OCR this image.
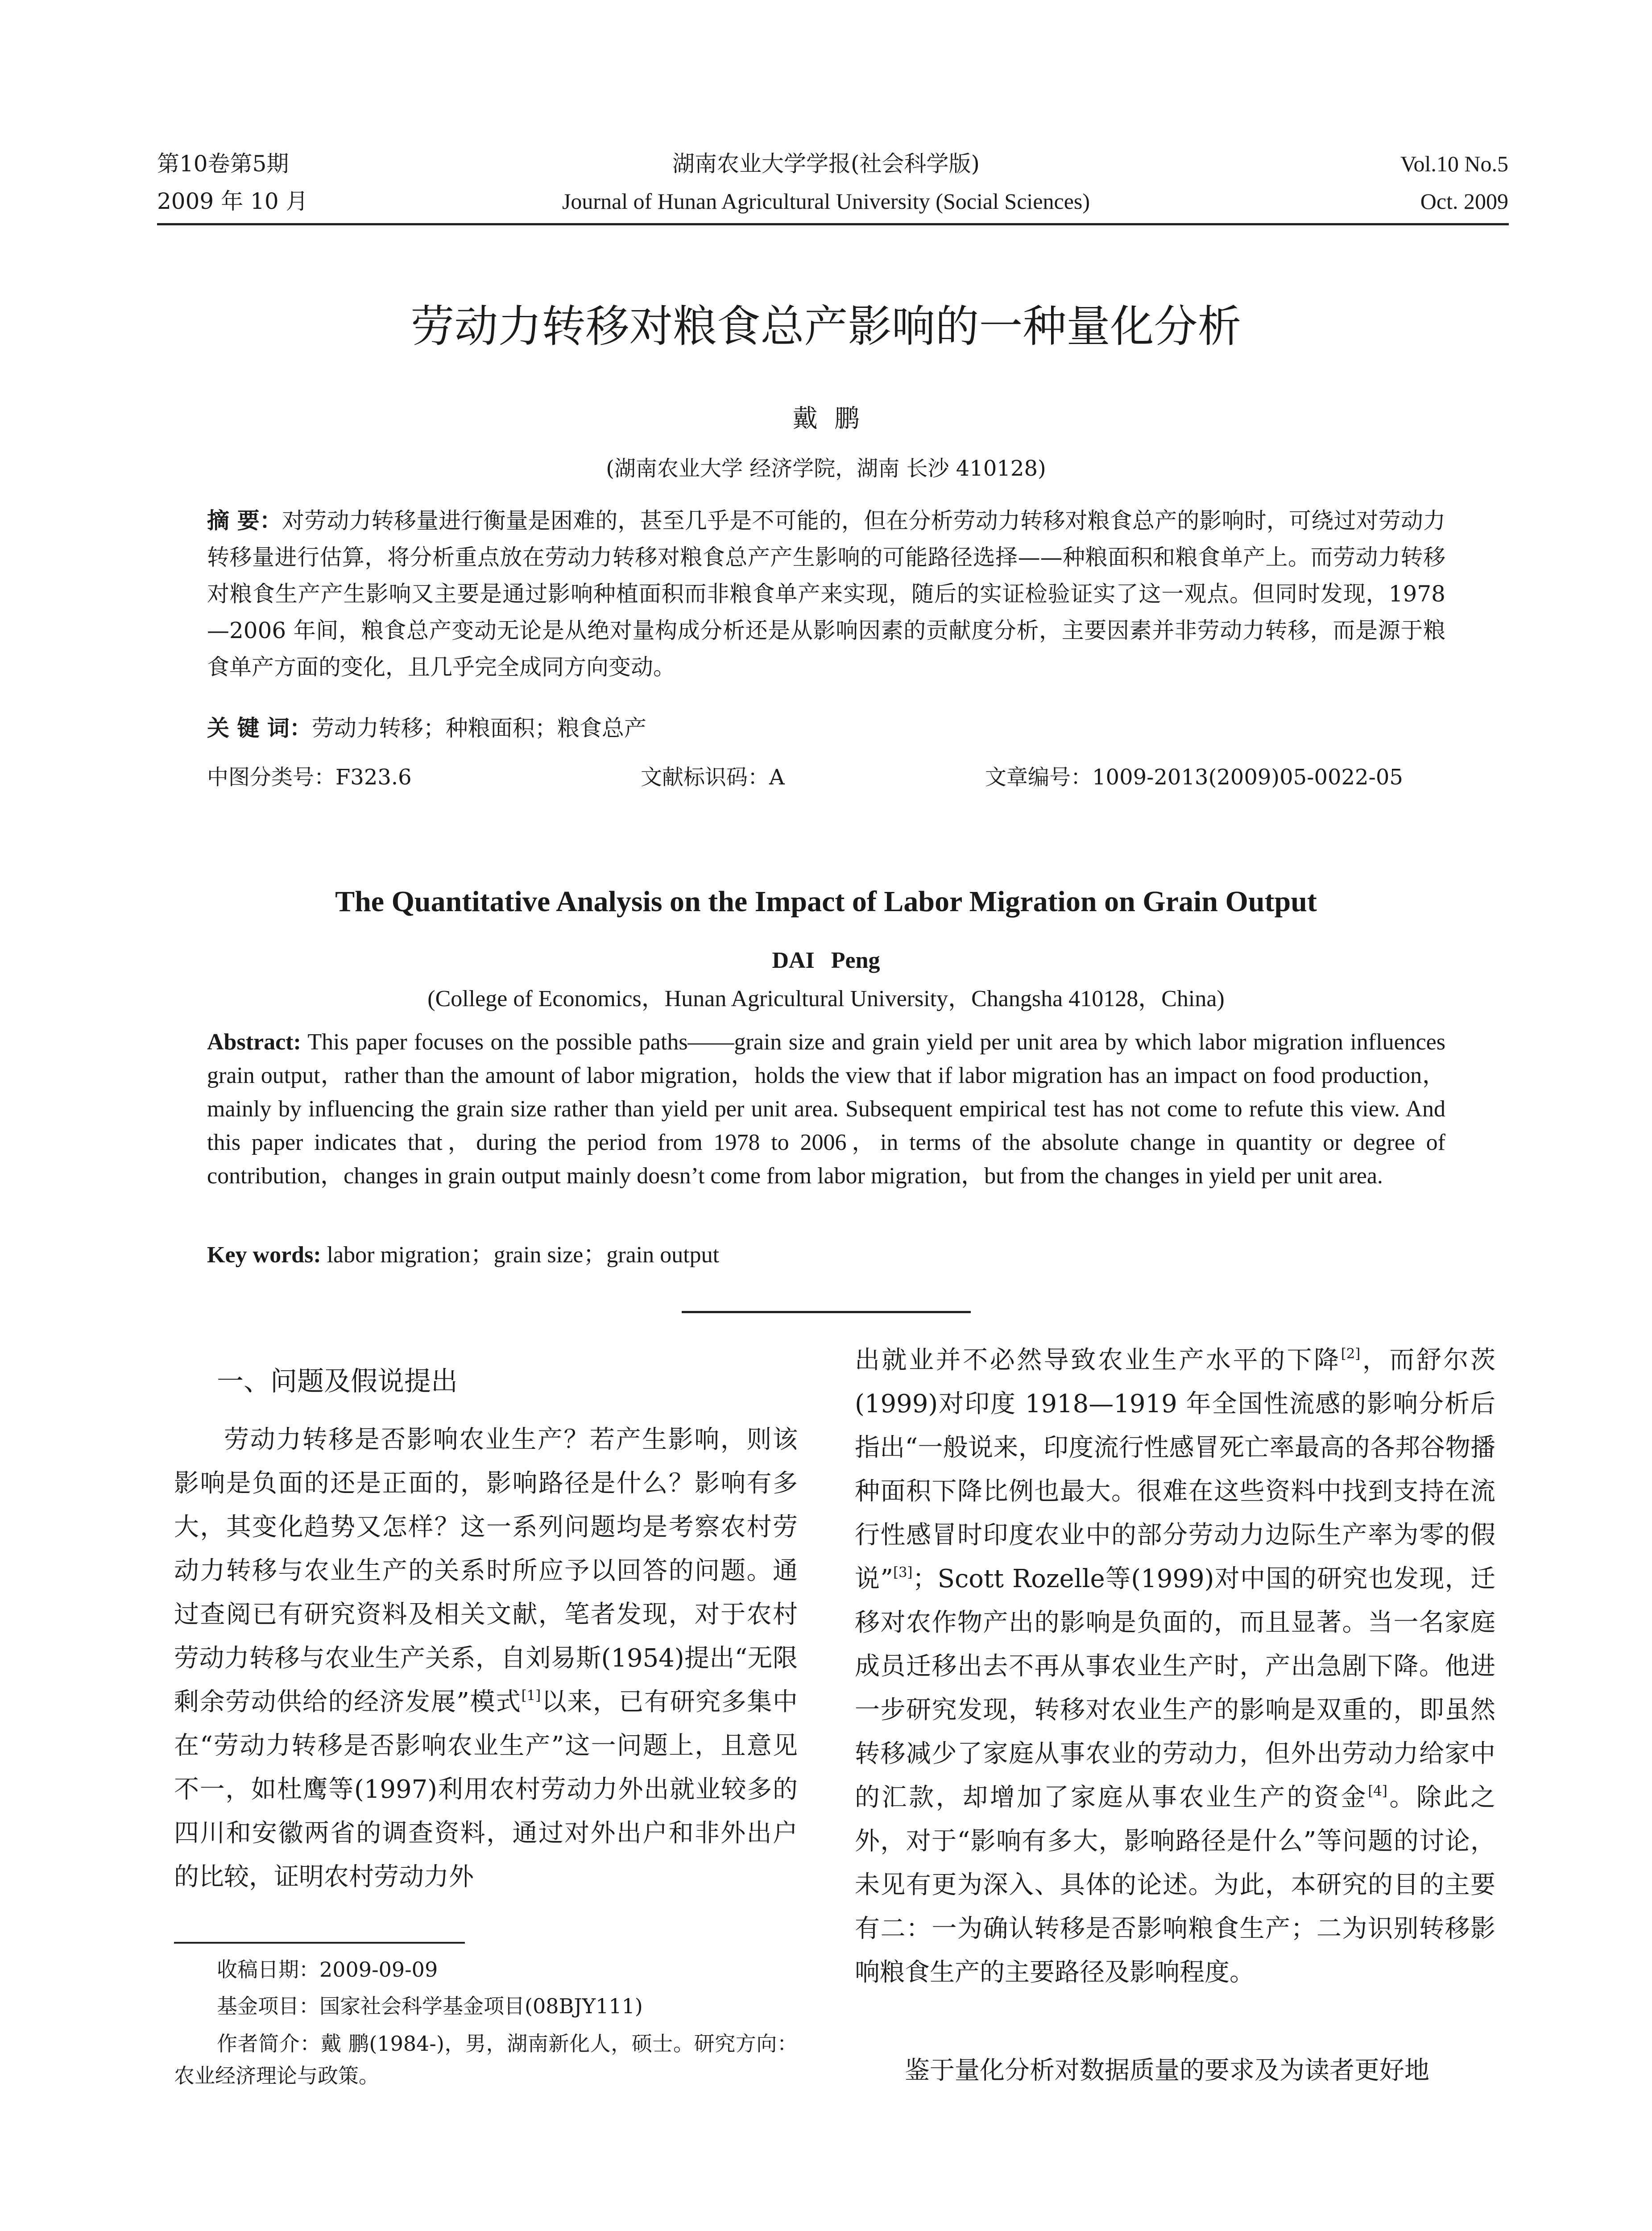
第10卷第5期
2009 年 10 月
湖南农业大学学报(社会科学版)
Journal of Hunan Agricultural University (Social Sciences)
Vol.10 No.5
Oct. 2009
劳动力转移对粮食总产影响的一种量化分析
戴 鹏
(湖南农业大学 经济学院，湖南 长沙 410128)
摘 要：对劳动力转移量进行衡量是困难的，甚至几乎是不可能的，但在分析劳动力转移对粮食总产的影响时，可绕过对劳动力转移量进行估算，将分析重点放在劳动力转移对粮食总产产生影响的可能路径选择——种粮面积和粮食单产上。而劳动力转移对粮食生产产生影响又主要是通过影响种植面积而非粮食单产来实现，随后的实证检验证实了这一观点。但同时发现，1978—2006 年间，粮食总产变动无论是从绝对量构成分析还是从影响因素的贡献度分析，主要因素并非劳动力转移，而是源于粮食单产方面的变化，且几乎完全成同方向变动。
关 键 词：劳动力转移；种粮面积；粮食总产
中图分类号：F323.6	文献标识码：A	文章编号：1009-2013(2009)05-0022-05
The Quantitative Analysis on the Impact of Labor Migration on Grain Output
DAI Peng
(College of Economics，Hunan Agricultural University，Changsha 410128，China)
Abstract: This paper focuses on the possible paths——grain size and grain yield per unit area by which labor migration influences grain output，rather than the amount of labor migration，holds the view that if labor migration has an impact on food production，mainly by influencing the grain size rather than yield per unit area. Subsequent empirical test has not come to refute this view. And this paper indicates that，during the period from 1978 to 2006，in terms of the absolute change in quantity or degree of contribution，changes in grain output mainly doesn’t come from labor migration，but from the changes in yield per unit area.
Key words: labor migration；grain size；grain output
一、问题及假说提出
劳动力转移是否影响农业生产？若产生影响，则该影响是负面的还是正面的，影响路径是什么？影响有多大，其变化趋势又怎样？这一系列问题均是考察农村劳动力转移与农业生产的关系时所应予以回答的问题。通过查阅已有研究资料及相关文献，笔者发现，对于农村劳动力转移与农业生产关系，自刘易斯(1954)提出“无限剩余劳动供给的经济发展”模式[1]以来，已有研究多集中在“劳动力转移是否影响农业生产”这一问题上，且意见不一，如杜鹰等(1997)利用农村劳动力外出就业较多的四川和安徽两省的调查资料，通过对外出户和非外出户的比较，证明农村劳动力外
收稿日期：2009-09-09
基金项目：国家社会科学基金项目(08BJY111)
作者简介：戴 鹏(1984-)，男，湖南新化人，硕士。研究方向：农业经济理论与政策。
出就业并不必然导致农业生产水平的下降[2]，而舒尔茨(1999)对印度 1918—1919 年全国性流感的影响分析后指出“一般说来，印度流行性感冒死亡率最高的各邦谷物播种面积下降比例也最大。很难在这些资料中找到支持在流行性感冒时印度农业中的部分劳动力边际生产率为零的假说”[3]；Scott Rozelle等(1999)对中国的研究也发现，迁移对农作物产出的影响是负面的，而且显著。当一名家庭成员迁移出去不再从事农业生产时，产出急剧下降。他进一步研究发现，转移对农业生产的影响是双重的，即虽然转移减少了家庭从事农业的劳动力，但外出劳动力给家中的汇款，却增加了家庭从事农业生产的资金[4]。除此之外，对于“影响有多大，影响路径是什么”等问题的讨论，未见有更为深入、具体的论述。为此，本研究的目的主要有二：一为确认转移是否影响粮食生产；二为识别转移影响粮食生产的主要路径及影响程度。
鉴于量化分析对数据质量的要求及为读者更好地
